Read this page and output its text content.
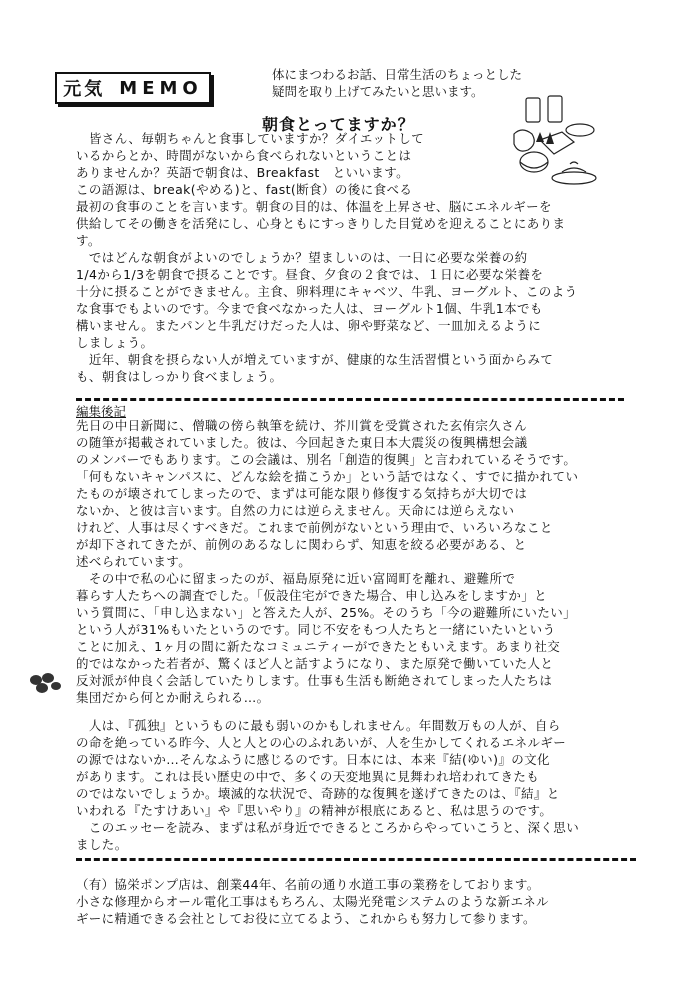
元気 MEMO
体にまつわるお話、日常生活のちょっとした
疑問を取り上げてみたいと思います。
朝食とってますか？
　皆さん、毎朝ちゃんと食事していますか？ダイエットして
いるからとか、時間がないから食べられないということは
ありませんか？英語で朝食は、Breakfast　といいます。
この語源は、break(やめる)と、fast(断食）の後に食べる
最初の食事のことを言います。朝食の目的は、体温を上昇させ、脳にエネルギーを
供給してその働きを活発にし、心身ともにすっきりした目覚めを迎えることにありま
す。
　ではどんな朝食がよいのでしょうか？望ましいのは、一日に必要な栄養の約
1/4から1/3を朝食で摂ることです。昼食、夕食の２食では、１日に必要な栄養を
十分に摂ることができません。主食、卵料理にキャベツ、牛乳、ヨーグルト、このよう
な食事でもよいのです。今まで食べなかった人は、ヨーグルト1個、牛乳1本でも
構いません。またパンと牛乳だけだった人は、卵や野菜など、一皿加えるように
しましょう。
　近年、朝食を摂らない人が増えていますが、健康的な生活習慣という面からみて
も、朝食はしっかり食べましょう。
編集後記
先日の中日新聞に、僧職の傍ら執筆を続け、芥川賞を受賞された玄侑宗久さん
の随筆が掲載されていました。彼は、今回起きた東日本大震災の復興構想会議
のメンバーでもあります。この会議は、別名「創造的復興」と言われているそうです。
「何もないキャンパスに、どんな絵を描こうか」という話ではなく、すでに描かれてい
たものが壊されてしまったので、まずは可能な限り修復する気持ちが大切では
ないか、と彼は言います。自然の力には逆らえません。天命には逆らえない
けれど、人事は尽くすべきだ。これまで前例がないという理由で、いろいろなこと
が却下されてきたが、前例のあるなしに関わらず、知恵を絞る必要がある、と
述べられています。
　その中で私の心に留まったのが、福島原発に近い富岡町を離れ、避難所で
暮らす人たちへの調査でした。「仮設住宅ができた場合、申し込みをしますか」と
いう質問に、「申し込まない」と答えた人が、25%。そのうち「今の避難所にいたい」
という人が31%もいたというのです。同じ不安をもつ人たちと一緒にいたいという
ことに加え、1ヶ月の間に新たなコミュニティーができたともいえます。あまり社交
的ではなかった若者が、驚くほど人と話すようになり、また原発で働いていた人と
反対派が仲良く会話していたりします。仕事も生活も断絶されてしまった人たちは
集団だから何とか耐えられる…。
　人は、『孤独』というものに最も弱いのかもしれません。年間数万もの人が、自ら
の命を絶っている昨今、人と人との心のふれあいが、人を生かしてくれるエネルギー
の源ではないか…そんなふうに感じるのです。日本には、本来『結(ゆい)』の文化
があります。これは長い歴史の中で、多くの天変地異に見舞われ培われてきたも
のではないでしょうか。壊滅的な状況で、奇跡的な復興を遂げてきたのは、『結』と
いわれる『たすけあい』や『思いやり』の精神が根底にあると、私は思うのです。
　このエッセーを読み、まずは私が身近でできるところからやっていこうと、深く思い
ました。
（有）協栄ポンプ店は、創業44年、名前の通り水道工事の業務をしております。
小さな修理からオール電化工事はもちろん、太陽光発電システムのような新エネル
ギーに精通できる会社としてお役に立てるよう、これからも努力して参ります。
